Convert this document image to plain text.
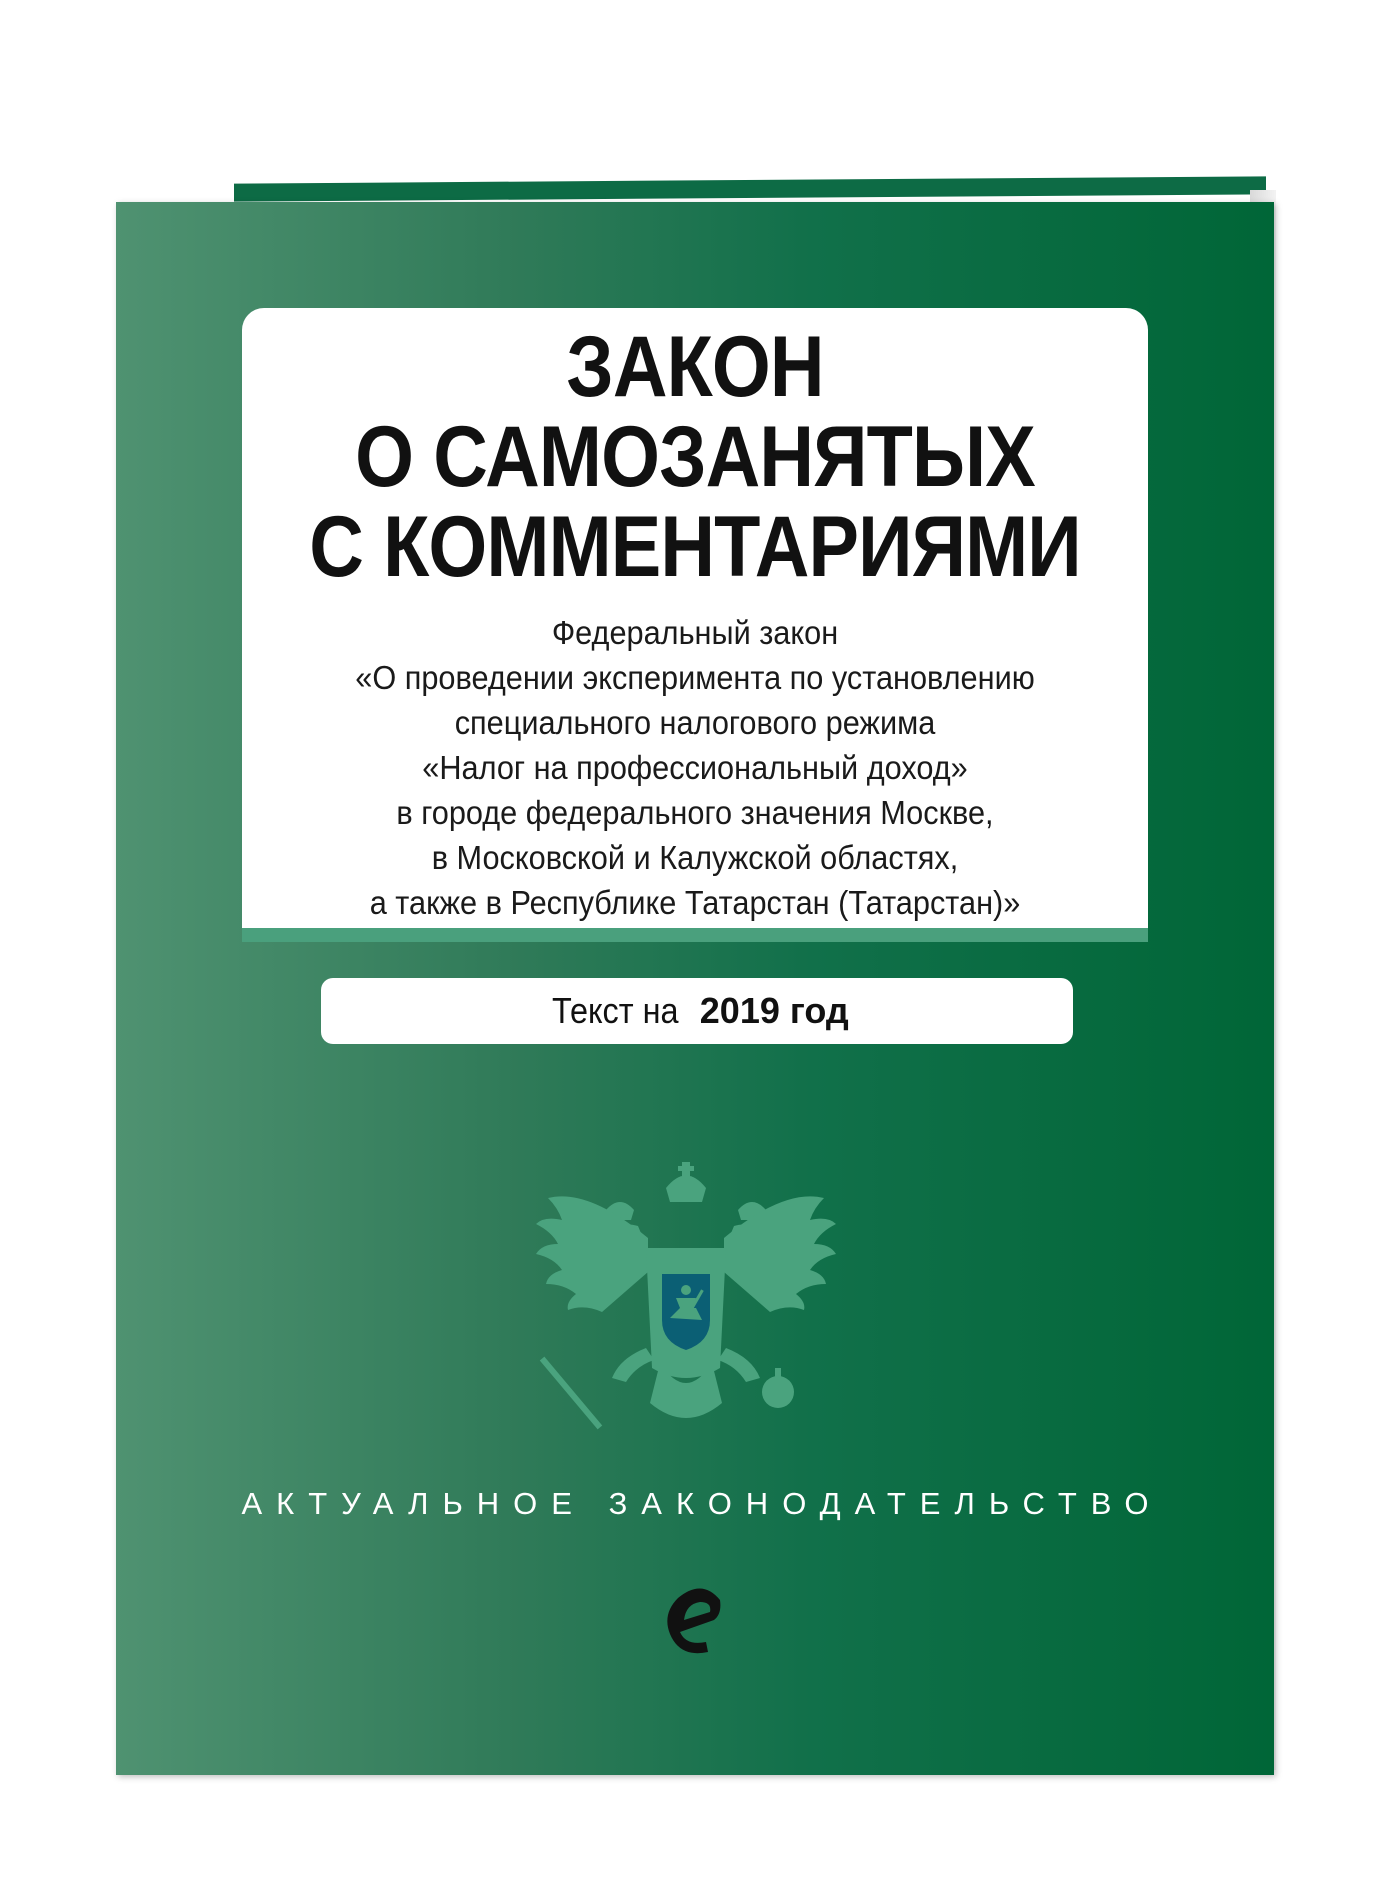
ЗАКОН
О САМОЗАНЯТЫХ
С КОММЕНТАРИЯМИ
Федеральный закон
«О проведении эксперимента по установлению
специального налогового режима
«Налог на профессиональный доход»
в городе федерального значения Москве,
в Московской и Калужской областях,
а также в Республике Татарстан (Татарстан)»
Текст на 2019 год
АКТУАЛЬНОЕ ЗАКОНОДАТЕЛЬСТВО
